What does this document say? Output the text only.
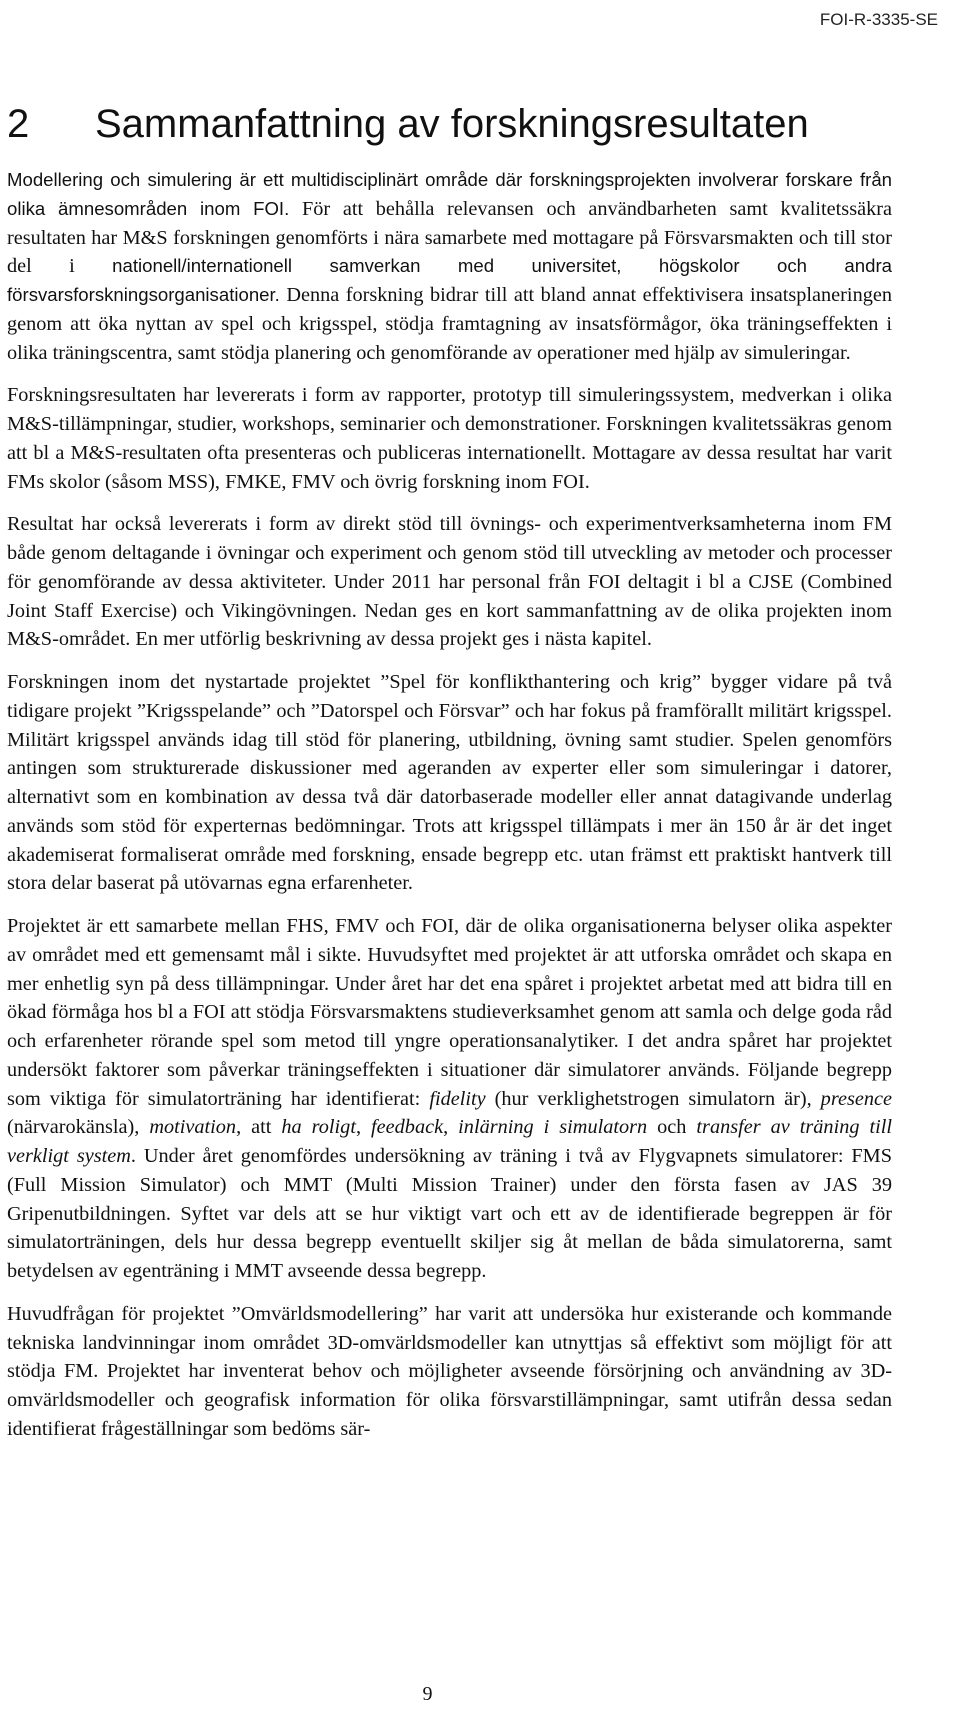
FOI-R-3335-SE
2 Sammanfattning av forskningsresultaten

Modellering och simulering är ett multidisciplinärt område där forskningsprojekten involverar forskare från olika ämnesområden inom FOI. För att behålla relevansen och användbarheten samt kvalitetssäkra resultaten har M&S forskningen genomförts i nära samarbete med mottagare på Försvarsmakten och till stor del i nationell/internationell samverkan med universitet, högskolor och andra försvarsforskningsorganisationer. Denna forskning bidrar till att bland annat effektivisera insatsplaneringen genom att öka nyttan av spel och krigsspel, stödja framtagning av insatsförmågor, öka träningseffekten i olika träningscentra, samt stödja planering och genomförande av operationer med hjälp av simuleringar.

Forskningsresultaten har levererats i form av rapporter, prototyp till simuleringssystem, medverkan i olika M&S-tillämpningar, studier, workshops, seminarier och demonstrationer. Forskningen kvalitetssäkras genom att bl a M&S-resultaten ofta presenteras och publiceras internationellt. Mottagare av dessa resultat har varit FMs skolor (såsom MSS), FMKE, FMV och övrig forskning inom FOI.

Resultat har också levererats i form av direkt stöd till övnings- och experimentverksamheterna inom FM både genom deltagande i övningar och experiment och genom stöd till utveckling av metoder och processer för genomförande av dessa aktiviteter. Under 2011 har personal från FOI deltagit i bl a CJSE (Combined Joint Staff Exercise) och Vikingövningen. Nedan ges en kort sammanfattning av de olika projekten inom M&S-området. En mer utförlig beskrivning av dessa projekt ges i nästa kapitel.

Forskningen inom det nystartade projektet ”Spel för konflikthantering och krig” bygger vidare på två tidigare projekt ”Krigsspelande” och ”Datorspel och Försvar” och har fokus på framförallt militärt krigsspel. Militärt krigsspel används idag till stöd för planering, utbildning, övning samt studier. Spelen genomförs antingen som strukturerade diskussioner med ageranden av experter eller som simuleringar i datorer, alternativt som en kombination av dessa två där datorbaserade modeller eller annat datagivande underlag används som stöd för experternas bedömningar. Trots att krigsspel tillämpats i mer än 150 år är det inget akademiserat formaliserat område med forskning, ensade begrepp etc. utan främst ett praktiskt hantverk till stora delar baserat på utövarnas egna erfarenheter.

Projektet är ett samarbete mellan FHS, FMV och FOI, där de olika organisationerna belyser olika aspekter av området med ett gemensamt mål i sikte. Huvudsyftet med projektet är att utforska området och skapa en mer enhetlig syn på dess tillämpningar. Under året har det ena spåret i projektet arbetat med att bidra till en ökad förmåga hos bl a FOI att stödja Försvarsmaktens studieverksamhet genom att samla och delge goda råd och erfarenheter rörande spel som metod till yngre operationsanalytiker. I det andra spåret har projektet undersökt faktorer som påverkar träningseffekten i situationer där simulatorer används. Följande begrepp som viktiga för simulatorträning har identifierat: fidelity (hur verklighetstrogen simulatorn är), presence (närvarokänsla), motivation, att ha roligt, feedback, inlärning i simulatorn och transfer av träning till verkligt system. Under året genomfördes undersökning av träning i två av Flygvapnets simulatorer: FMS (Full Mission Simulator) och MMT (Multi Mission Trainer) under den första fasen av JAS 39 Gripenutbildningen. Syftet var dels att se hur viktigt vart och ett av de identifierade begreppen är för simulatorträningen, dels hur dessa begrepp eventuellt skiljer sig åt mellan de båda simulatorerna, samt betydelsen av egenträning i MMT avseende dessa begrepp.

Huvudfrågan för projektet ”Omvärldsmodellering” har varit att undersöka hur existerande och kommande tekniska landvinningar inom området 3D-omvärldsmodeller kan utnyttjas så effektivt som möjligt för att stödja FM. Projektet har inventerat behov och möjligheter avseende försörjning och användning av 3D-omvärldsmodeller och geografisk information för olika försvarstillämpningar, samt utifrån dessa sedan identifierat frågeställningar som bedöms sär-

9
